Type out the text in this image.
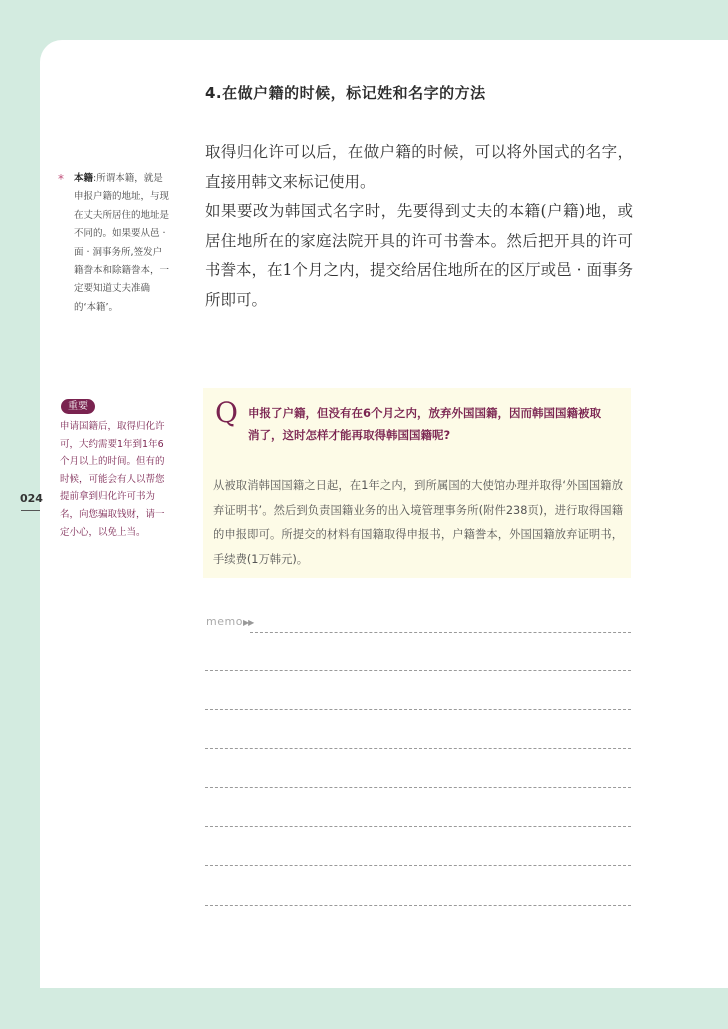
4.在做户籍的时候，标记姓和名字的方法

取得归化许可以后，在做户籍的时候，可以将外国式的名字，直接用韩文来标记使用。

如果要改为韩国式名字时，先要得到丈夫的本籍(户籍)地，或居住地所在的家庭法院开具的许可书誊本。然后把开具的许可书誊本，在1个月之内，提交给居住地所在的区厅或邑 · 面事务所即可。

*	本籍:所谓本籍，就是申报户籍的地址，与现在丈夫所居住的地址是不同的。如果要从邑 · 面 · 洞事务所,签发户籍誊本和除籍誊本，一定要知道丈夫准确的‘本籍’。
重要
申请国籍后，取得归化许可，大约需要1年到1年6个月以上的时间。但有的时候，可能会有人以帮您提前拿到归化许可书为名，向您骗取钱财，请一定小心，以免上当。
024
Q 申报了户籍，但没有在6个月之内，放弃外国国籍，因而韩国国籍被取消了，这时怎样才能再取得韩国国籍呢?

从被取消韩国国籍之日起，在1年之内，到所属国的大使馆办理并取得‘外国国籍放弃证明书’。然后到负责国籍业务的出入境管理事务所(附件238页)，进行取得国籍的申报即可。所提交的材料有国籍取得申报书，户籍誊本，外国国籍放弃证明书，手续费(1万韩元)。

memo▶▶
